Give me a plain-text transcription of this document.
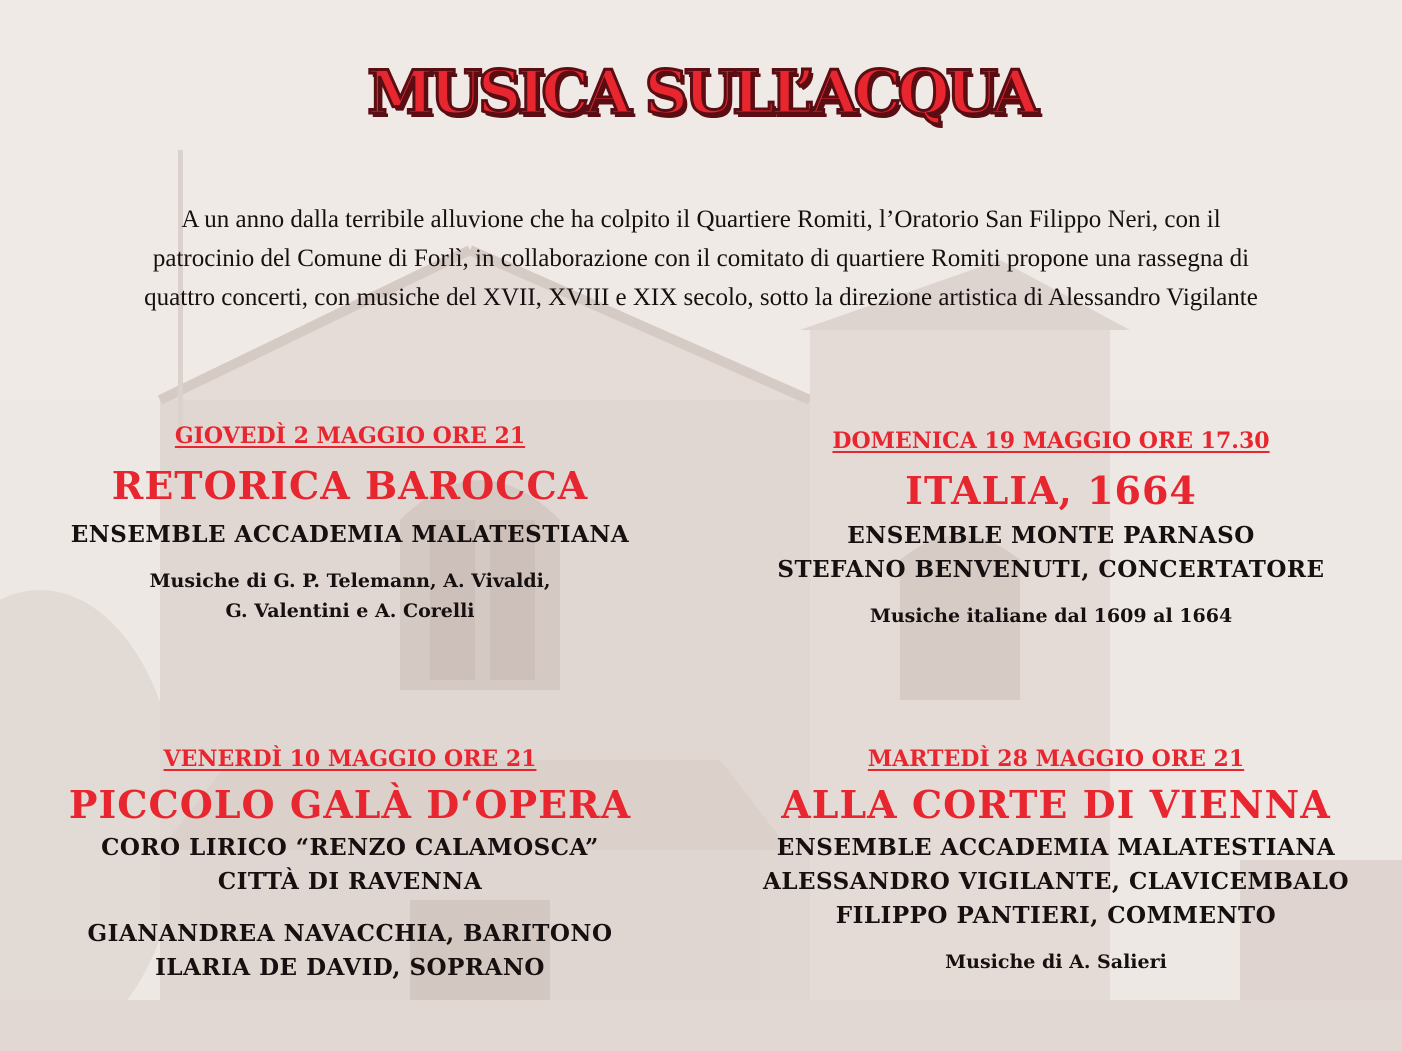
MUSICA SULL’ACQUA
A un anno dalla terribile alluvione che ha colpito il Quartiere Romiti, l’Oratorio San Filippo Neri, con il
patrocinio del Comune di Forlì, in collaborazione con il comitato di quartiere Romiti propone una rassegna di
quattro concerti, con musiche del XVII, XVIII e XIX secolo, sotto la direzione artistica di Alessandro Vigilante
GIOVEDÌ 2 MAGGIO ORE 21
RETORICA BAROCCA
ENSEMBLE ACCADEMIA MALATESTIANA
Musiche di G. P. Telemann, A. Vivaldi,
G. Valentini e A. Corelli
DOMENICA 19 MAGGIO ORE 17.30
ITALIA, 1664
ENSEMBLE MONTE PARNASO
STEFANO BENVENUTI, CONCERTATORE
Musiche italiane dal 1609 al 1664
VENERDÌ 10 MAGGIO ORE 21
PICCOLO GALÀ D‘OPERA
CORO LIRICO “RENZO CALAMOSCA”
CITTÀ DI RAVENNA
GIANANDREA NAVACCHIA, BARITONO
ILARIA DE DAVID, SOPRANO
MARTEDÌ 28 MAGGIO ORE 21
ALLA CORTE DI VIENNA
ENSEMBLE ACCADEMIA MALATESTIANA
ALESSANDRO VIGILANTE, CLAVICEMBALO
FILIPPO PANTIERI, COMMENTO
Musiche di A. Salieri
